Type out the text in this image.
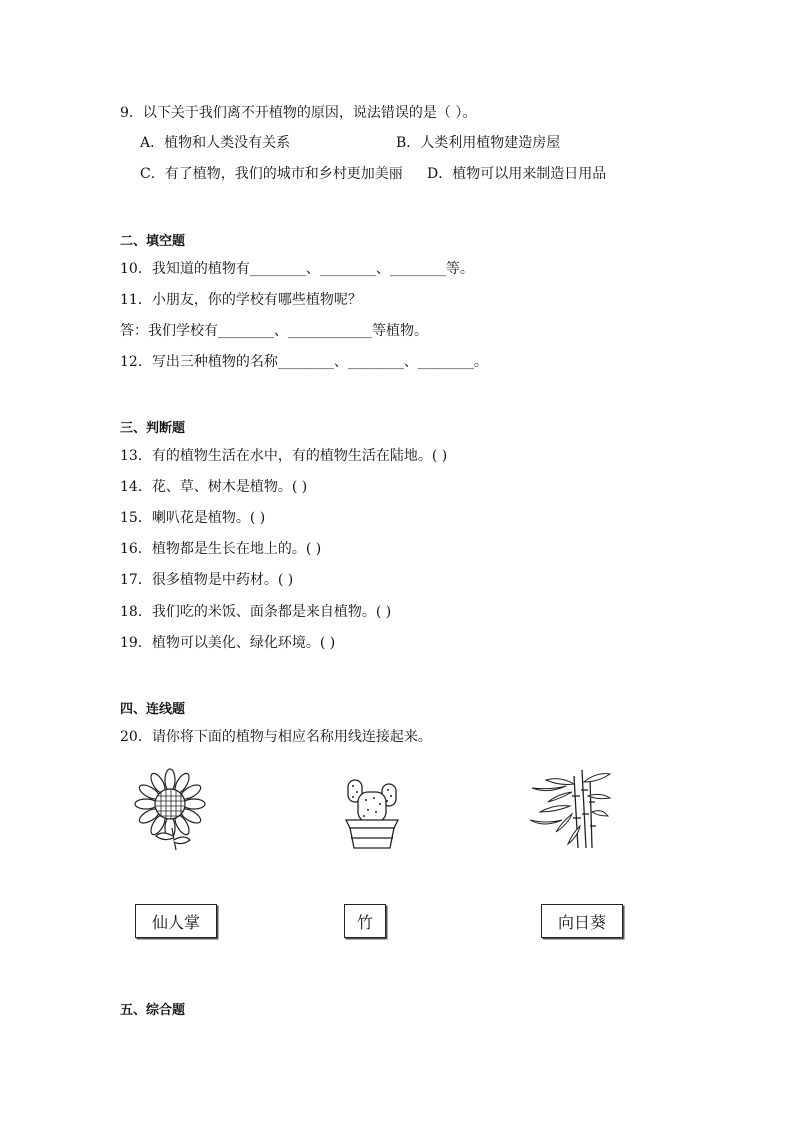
9．以下关于我们离不开植物的原因，说法错误的是（ ）。
A．植物和人类没有关系	B．人类利用植物建造房屋
C．有了植物，我们的城市和乡村更加美丽 D．植物可以用来制造日用品
二、填空题
10．我知道的植物有________、________、________等。
11．小朋友，你的学校有哪些植物呢？
答：我们学校有________、____________等植物。
12．写出三种植物的名称________、________、________。
三、判断题
13．有的植物生活在水中，有的植物生活在陆地。( )
14．花、草、树木是植物。( )
15．喇叭花是植物。( )
16．植物都是生长在地上的。( )
17．很多植物是中药材。( )
18．我们吃的米饭、面条都是来自植物。( )
19．植物可以美化、绿化环境。( )
四、连线题
20．请你将下面的植物与相应名称用线连接起来。
仙人掌	竹	向日葵
五、综合题
